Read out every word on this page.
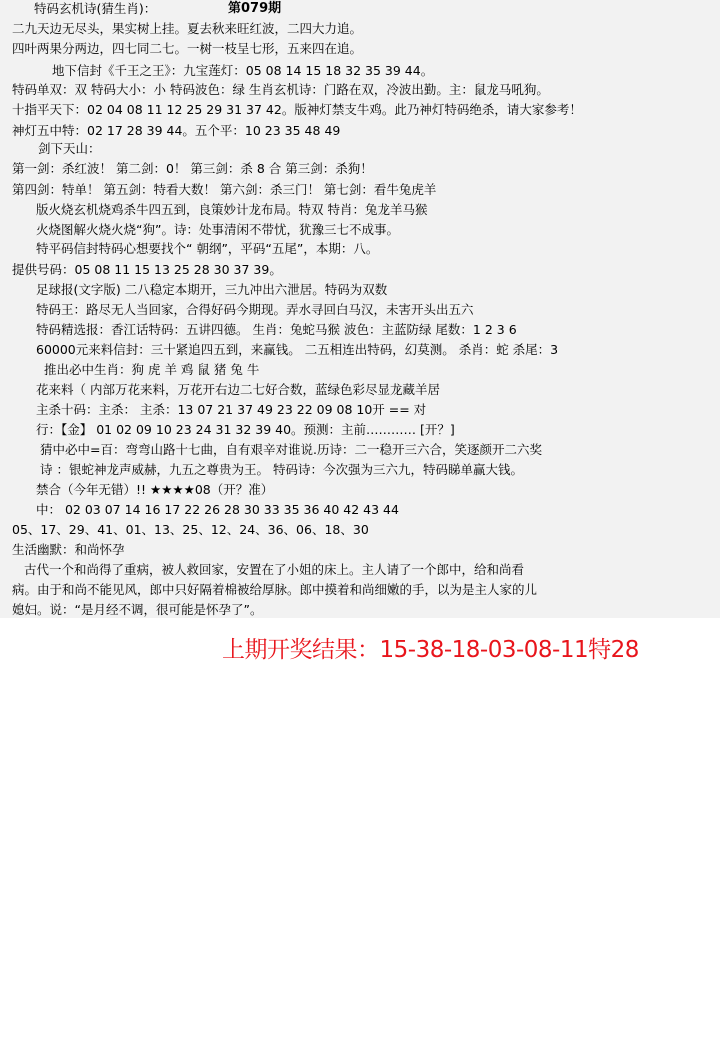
特码玄机诗(猜生肖)：	第079期
二九天边无尽头，果实树上挂。夏去秋来旺红波，二四大力追。
四叶两果分两边，四七同二七。一树一枝呈七形，五来四在追。
地下信封《千王之王》：九宝莲灯：05 08 14 15 18 32 35 39 44。
特码单双：双 特码大小：小 特码波色：绿 生肖玄机诗：门路在双，冷波出勤。主：鼠龙马吼狗。
十指平天下：02 04 08 11 12 25 29 31 37 42。版神灯禁支牛鸡。此乃神灯特码绝杀，请大家参考！
神灯五中特：02 17 28 39 44。五个平：10 23 35 48 49
剑下天山：
第一剑：杀红波！ 第二剑：0！ 第三剑：杀 8 合 第三剑：杀狗！
第四剑：特单！ 第五剑：特看大数！ 第六剑：杀三门！ 第七剑：看牛兔虎羊
版火烧玄机烧鸡杀牛四五到，良策妙计龙布局。特双 特肖：兔龙羊马猴
火烧图解火烧火烧“狗”。诗：处事清闲不带忧，犹豫三七不成事。
特平码信封特码心想要找个“ 朝纲”，平码“五尾”，本期：八。
提供号码：05 08 11 15 13 25 28 30 37 39。
足球报(文字版) 二八稳定本期开，三九冲出六泄居。特码为双数
特码王：路尽无人当回家，合得好码今期现。弄水寻回白马汉，未害开头出五六
特码精选报：香江话特码：五讲四德。 生肖：兔蛇马猴 波色：主蓝防绿 尾数：1 2 3 6
60000元来料信封：三十紧追四五到，来赢钱。 二五相连出特码，幻莫测。 杀肖：蛇 杀尾：3
推出必中生肖：狗 虎 羊 鸡 鼠 猪 兔 牛
花来料（ 内部万花来料，万花开右边二七好合数，蓝绿色彩尽显龙藏羊居
主杀十码：主杀： 主杀：13 07 21 37 49 23 22 09 08 10开 == 对
行：【金】 01 02 09 10 23 24 31 32 39 40。预测：主前………… [开？]
猜中必中=百：弯弯山路十七曲，自有艰辛对谁说.历诗：二一稳开三六合，笑逐颜开二六奖
诗 ：银蛇神龙声威赫，九五之尊贵为王。 特码诗：今次强为三六九，特码睇单赢大钱。
禁合（今年无错）!! ★★★★08（开？准）
中： 02 03 07 14 16 17 22 26 28 30 33 35 36 40 42 43 44
05、17、29、41、01、13、25、12、24、36、06、18、30
生活幽默：和尚怀孕
古代一个和尚得了重病，被人救回家，安置在了小姐的床上。主人请了一个郎中，给和尚看
病。由于和尚不能见风，郎中只好隔着棉被给厚脉。郎中摸着和尚细嫩的手，以为是主人家的儿
媳妇。说：“是月经不调，很可能是怀孕了”。
上期开奖结果：15-38-18-03-08-11特28
